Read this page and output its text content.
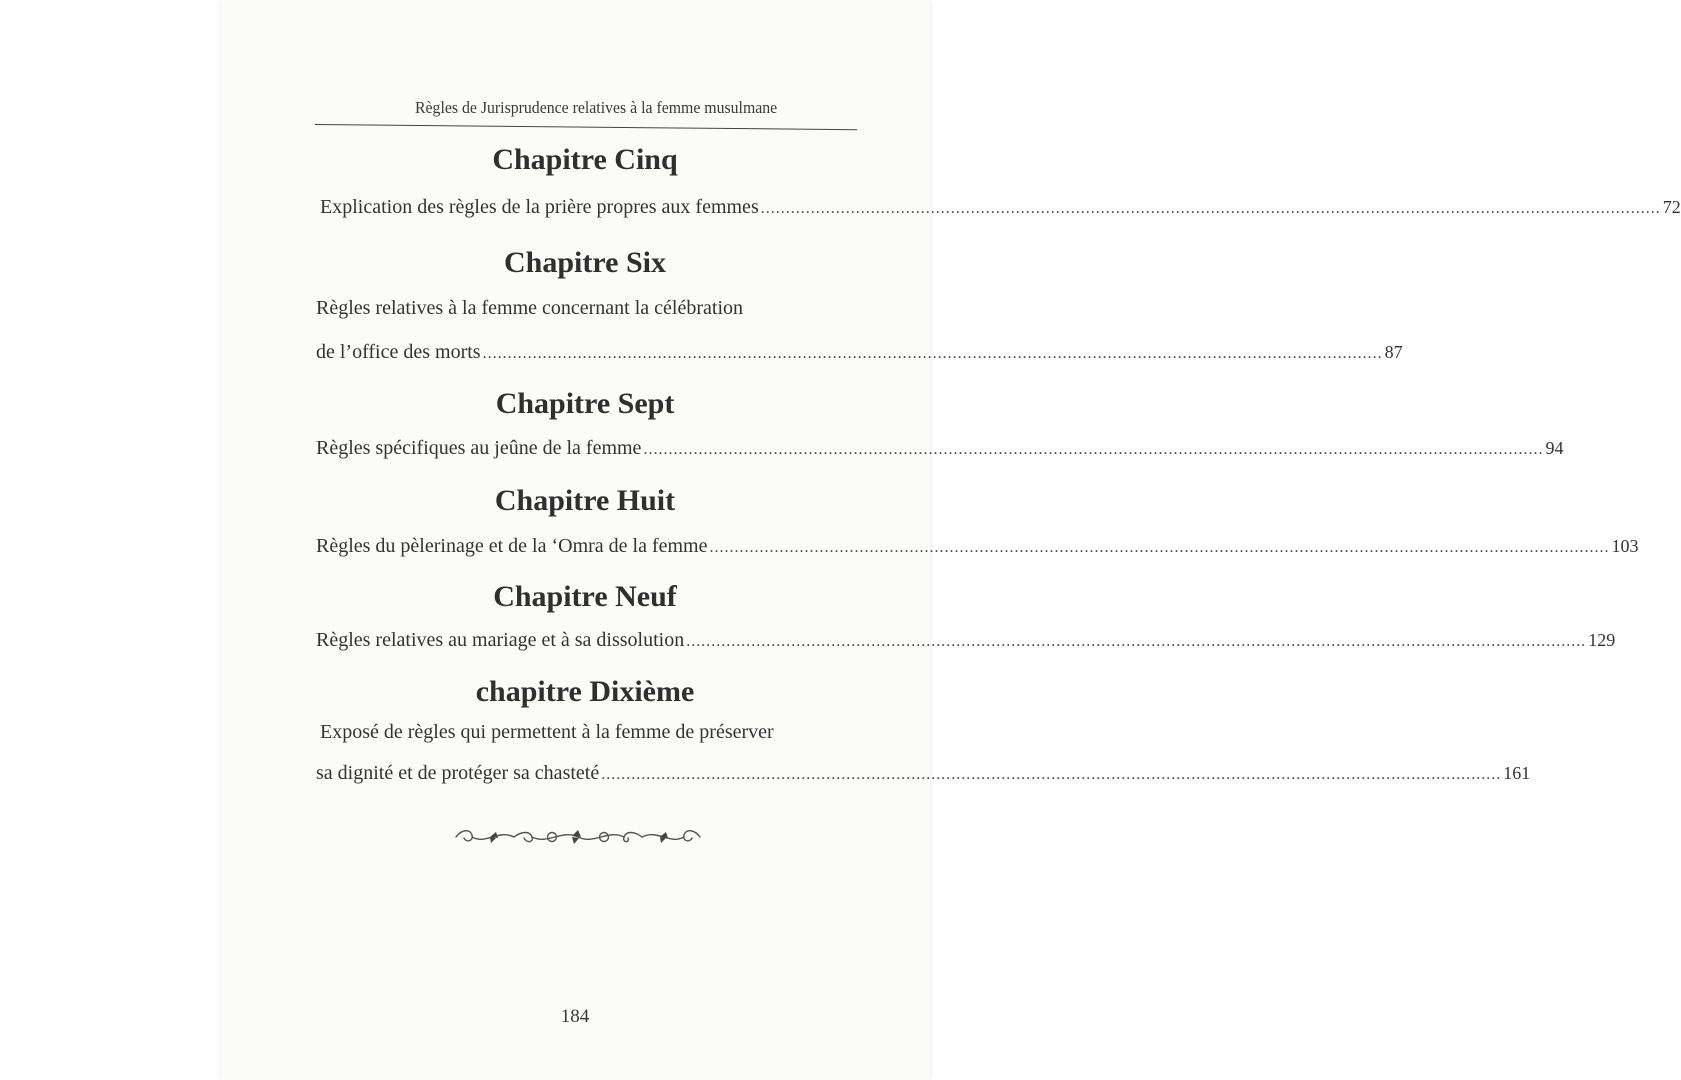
Règles de Jurisprudence relatives à la femme musulmane
Chapitre Cinq
Explication des règles de la prière propres aux femmes .................................................................................................................................................................................... 72
Chapitre Six
Règles relatives à la femme concernant la célébration
de l’office des morts .................................................................................................................................................................................... 87
Chapitre Sept
Règles spécifiques au jeûne de la femme .................................................................................................................................................................................... 94
Chapitre Huit
Règles du pèlerinage et de la ‘Omra de la femme .................................................................................................................................................................................... 103
Chapitre Neuf
Règles relatives au mariage et à sa dissolution .................................................................................................................................................................................... 129
chapitre Dixième
Exposé de règles qui permettent à la femme de préserver
sa dignité et de protéger sa chasteté .................................................................................................................................................................................... 161
184
